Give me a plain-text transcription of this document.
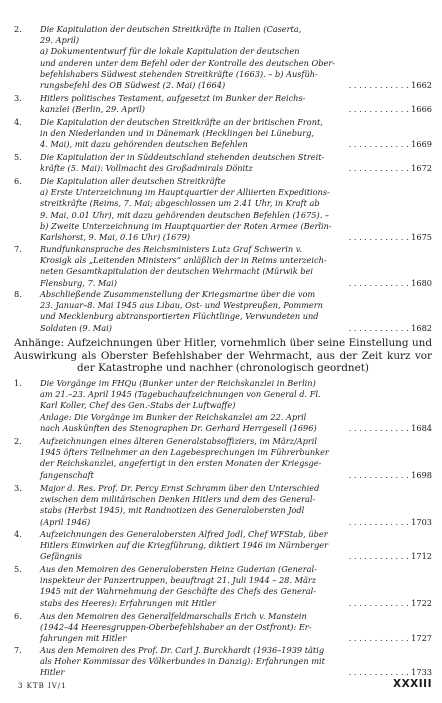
2.	Die Kapitulation der deutschen Streitkräfte in Italien (Caserta,
29. April)
a) Dokumententwurf für die lokale Kapitulation der deutschen
und anderen unter dem Befehl oder der Kontrolle des deutschen Ober-
befehlshabers Südwest stehenden Streitkräfte (1663). – b) Ausfüh-
rungsbefehl des OB Südwest (2. Mai) (1664)	. . . . . . . . . . . . 1662
3.	Hitlers politisches Testament, aufgesetzt im Bunker der Reichs-
kanzlei (Berlin, 29. April)	. . . . . . . . . . . . 1666
4.	Die Kapitulation der deutschen Streitkräfte an der britischen Front,
in den Niederlanden und in Dänemark (Hecklingen bei Lüneburg,
4. Mai), mit dazu gehörenden deutschen Befehlen	. . . . . . . . . . . . 1669
5.	Die Kapitulation der in Süddeutschland stehenden deutschen Streit-
kräfte (5. Mai): Vollmacht des Großadmirals Dönitz	. . . . . . . . . . . . 1672
6.	Die Kapitulation aller deutschen Streitkräfte
a) Erste Unterzeichnung im Hauptquartier der Alliierten Expeditions-
streitkräfte (Reims, 7. Mai; abgeschlossen um 2.41 Uhr, in Kraft ab
9. Mai, 0.01 Uhr), mit dazu gehörenden deutschen Befehlen (1675). –
b) Zweite Unterzeichnung im Hauptquartier der Roten Armee (Berlin-
Karlshorst, 9. Mai, 0.16 Uhr) (1679)	. . . . . . . . . . . . 1675
7.	Rundfunkansprache des Reichsministers Lutz Graf Schwerin v.
Krosigk als „Leitenden Ministers“ anläßlich der in Reims unterzeich-
neten Gesamtkapitulation der deutschen Wehrmacht (Mürwik bei
Flensburg, 7. Mai)	. . . . . . . . . . . . 1680
8.	Abschließende Zusammenstellung der Kriegsmarine über die vom
23. Januar–8. Mai 1945 aus Libau, Ost- und Westpreußen, Pommern
und Mecklenburg abtransportierten Flüchtlinge, Verwundeten und
Soldaten (9. Mai)	. . . . . . . . . . . . 1682
Anhänge: Aufzeichnungen über Hitler, vornehmlich über seine Einstellung und Auswirkung als Oberster Befehlshaber der Wehrmacht, aus der Zeit kurz vor der Katastrophe und nachher (chronologisch geordnet)
1.	Die Vorgänge im FHQu (Bunker unter der Reichskanzlei in Berlin)
am 21.–23. April 1945 (Tagebuchaufzeichnungen von General d. Fl.
Karl Koller, Chef des Gen.-Stabs der Luftwaffe)
Anlage: Die Vorgänge im Bunker der Reichskanzlei am 22. April
nach Auskünften des Stenographen Dr. Gerhard Herrgesell (1696)	. . . . . . . . . . . . 1684
2.	Aufzeichnungen eines älteren Generalstabsoffiziers, im März/April
1945 öfters Teilnehmer an den Lagebesprechungen im Führerbunker
der Reichskanzlei, angefertigt in den ersten Monaten der Kriegsge-
fangenschaft	. . . . . . . . . . . . 1698
3.	Major d. Res. Prof. Dr. Percy Ernst Schramm über den Unterschied
zwischen dem militärischen Denken Hitlers und dem des General-
stabs (Herbst 1945), mit Randnotizen des Generalobersten Jodl
(April 1946)	. . . . . . . . . . . . 1703
4.	Aufzeichnungen des Generalobersten Alfred Jodl, Chef WFStab, über
Hitlers Einwirken auf die Kriegführung, diktiert 1946 im Nürnberger
Gefängnis	. . . . . . . . . . . . 1712
5.	Aus den Memoiren des Generalobersten Heinz Guderian (General-
inspekteur der Panzertruppen, beauftragt 21. Juli 1944 – 28. März
1945 mit der Wahrnehmung der Geschäfte des Chefs des General-
stabs des Heeres): Erfahrungen mit Hitler	. . . . . . . . . . . . 1722
6.	Aus den Memoiren des Generalfeldmarschalls Erich v. Manstein
(1942–44 Heeresgruppen-Oberbefehlshaber an der Ostfront): Er-
fahrungen mit Hitler	. . . . . . . . . . . . 1727
7.	Aus den Memoiren des Prof. Dr. Carl J. Burckhardt (1936–1939 tätig
als Hoher Kommissar des Völkerbundes in Danzig): Erfahrungen mit
Hitler	. . . . . . . . . . . . 1733
3 KTB IV/1	XXXIII
